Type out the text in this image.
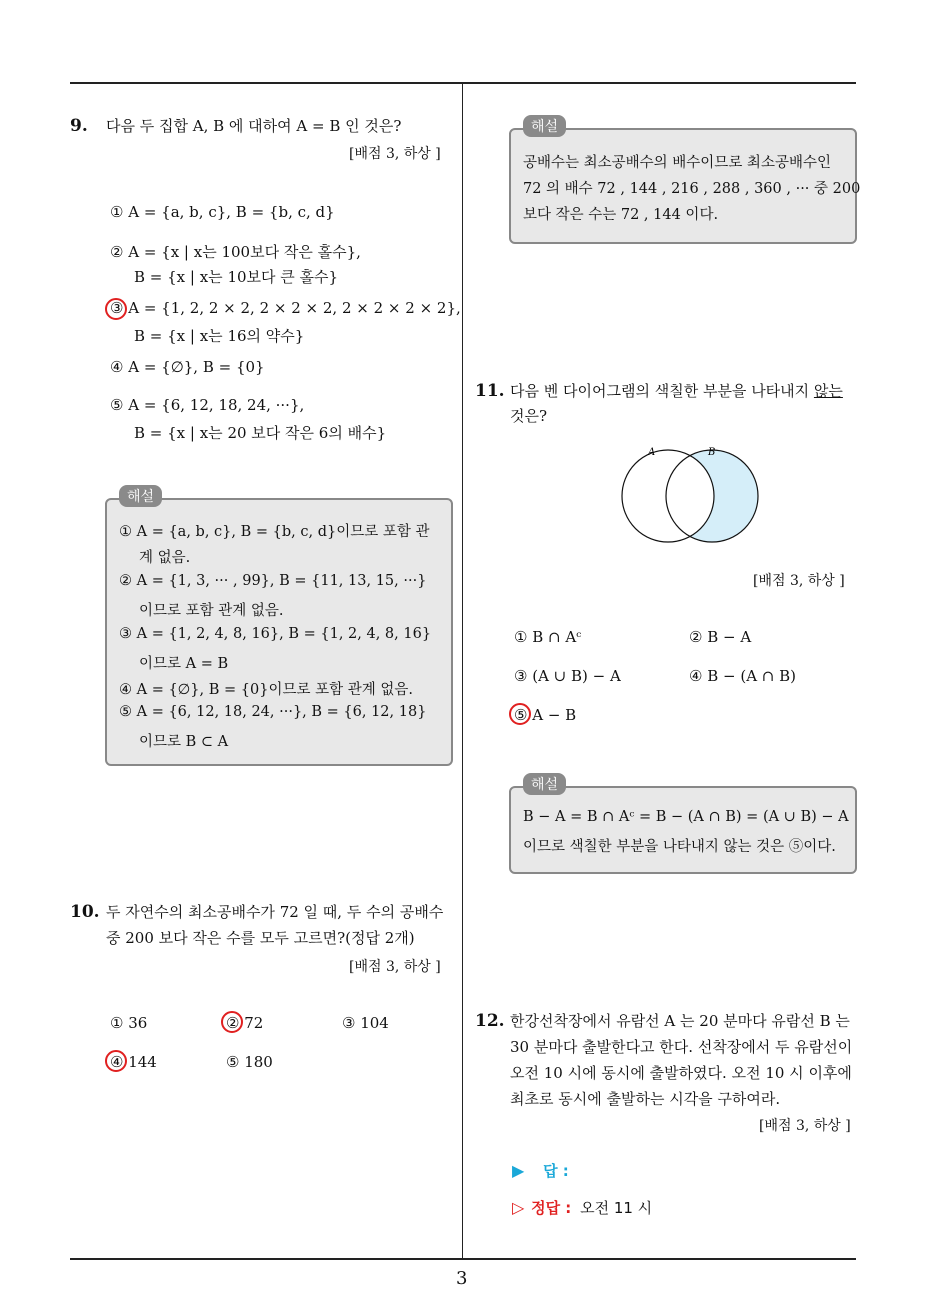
3
9. 다음 두 집합 A, B 에 대하여 A = B 인 것은?
[배점 3, 하상 ]
① A = {a, b, c}, B = {b, c, d}
② A = {x | x는 100보다 작은 홀수},
B = {x | x는 10보다 큰 홀수}
③ A = {1, 2, 2 × 2, 2 × 2 × 2, 2 × 2 × 2 × 2},
B = {x | x는 16의 약수}
④ A = {∅}, B = {0}
⑤ A = {6, 12, 18, 24, ···},
B = {x | x는 20 보다 작은 6의 배수}
해설
① A = {a, b, c}, B = {b, c, d}이므로 포함 관
계 없음.
② A = {1, 3, ··· , 99}, B = {11, 13, 15, ···}
이므로 포함 관계 없음.
③ A = {1, 2, 4, 8, 16}, B = {1, 2, 4, 8, 16}
이므로 A = B
④ A = {∅}, B = {0}이므로 포함 관계 없음.
⑤ A = {6, 12, 18, 24, ···}, B = {6, 12, 18}
이므로 B ⊂ A
10. 두 자연수의 최소공배수가 72 일 때, 두 수의 공배수
중 200 보다 작은 수를 모두 고르면?(정답 2개)
[배점 3, 하상 ]
① 36	② 72	③ 104
④ 144	⑤ 180
해설
공배수는 최소공배수의 배수이므로 최소공배수인
72 의 배수 72 , 144 , 216 , 288 , 360 , ··· 중 200
보다 작은 수는 72 , 144 이다.
11. 다음 벤 다이어그램의 색칠한 부분을 나타내지 않는
것은?
A	B
[배점 3, 하상 ]
① B ∩ Aᶜ	② B − A
③ (A ∪ B) − A	④ B − (A ∩ B)
⑤ A − B
해설
B − A = B ∩ Aᶜ = B − (A ∩ B) = (A ∪ B) − A
이므로 색칠한 부분을 나타내지 않는 것은 ⑤이다.
12. 한강선착장에서 유람선 A 는 20 분마다 유람선 B 는
30 분마다 출발한다고 한다. 선착장에서 두 유람선이
오전 10 시에 동시에 출발하였다. 오전 10 시 이후에
최초로 동시에 출발하는 시각을 구하여라.
[배점 3, 하상 ]
▶ 답 :
▷ 정답 : 오전 11 시
